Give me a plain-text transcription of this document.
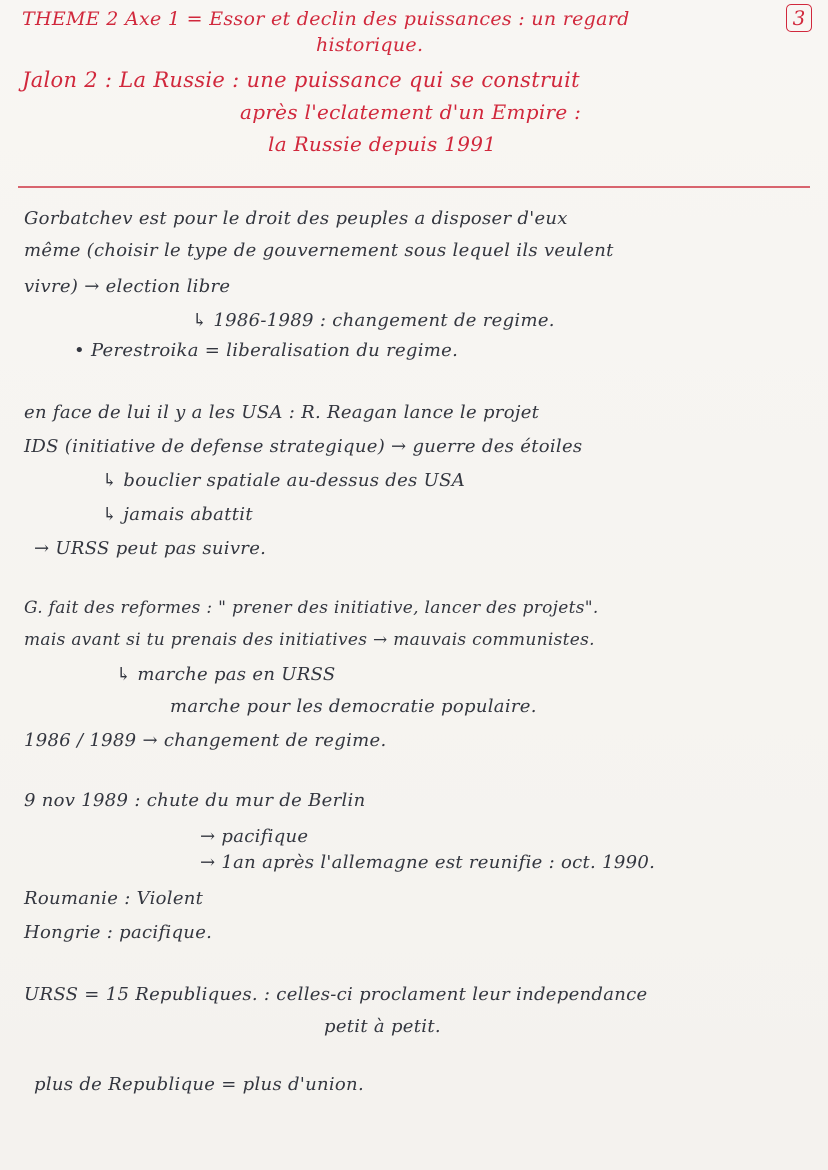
3
THEME 2 Axe 1 = Essor et declin des puissances : un regard
historique.
Jalon 2 : La Russie : une puissance qui se construit
après l'eclatement d'un Empire :
la Russie depuis 1991
Gorbatchev est pour le droit des peuples a disposer d'eux
même (choisir le type de gouvernement sous lequel ils veulent
vivre) → election libre
↳ 1986-1989 : changement de regime.
• Perestroika = liberalisation du regime.
en face de lui il y a les USA : R. Reagan lance le projet
IDS (initiative de defense strategique) → guerre des étoiles
↳ bouclier spatiale au-dessus des USA
↳ jamais abattit
→ URSS peut pas suivre.
G. fait des reformes : " prener des initiative, lancer des projets".
mais avant si tu prenais des initiatives → mauvais communistes.
↳ marche pas en URSS
marche pour les democratie populaire.
1986 / 1989 → changement de regime.
9 nov 1989 : chute du mur de Berlin
→ pacifique
→ 1an après l'allemagne est reunifie : oct. 1990.
Roumanie : Violent
Hongrie : pacifique.
URSS = 15 Republiques. : celles-ci proclament leur independance
petit à petit.
plus de Republique = plus d'union.
